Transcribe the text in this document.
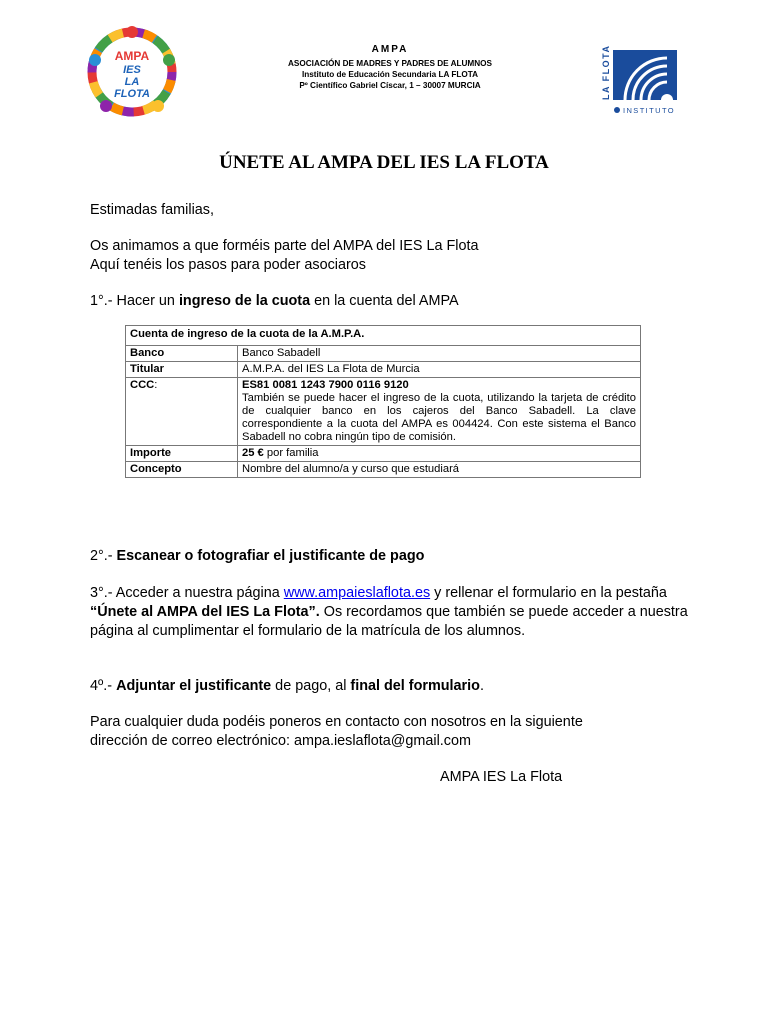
AMPA
IES
LA
FLOTA	LA FLOTA
INSTITUTO
AMPA
ASOCIACIÓN DE MADRES Y PADRES DE ALUMNOS
Instituto de Educación Secundaria LA FLOTA
Pº Científico Gabriel Císcar, 1 – 30007 MURCIA
ÚNETE AL AMPA DEL IES LA FLOTA
Estimadas familias,
Os animamos a que forméis parte del AMPA del IES La Flota
Aquí tenéis los pasos para poder asociaros
1°.- Hacer un ingreso de la cuota en la cuenta del AMPA
Cuenta de ingreso de la cuota de la A.M.P.A.	
Banco	Banco Sabadell
Titular	A.M.P.A. del IES La Flota de Murcia
CCC:	ES81 0081 1243 7900 0116 9120
También se puede hacer el ingreso de la cuota, utilizando la tarjeta de crédito de cualquier banco en los cajeros del Banco Sabadell. La clave correspondiente a la cuota del AMPA es 004424. Con este sistema el Banco Sabadell no cobra ningún tipo de comisión.

Importe	25 € por familia
Concepto	Nombre del alumno/a y curso que estudiará
2°.- Escanear o fotografiar el justificante de pago
3°.- Acceder a nuestra página www.ampaieslaflota.es y rellenar el formulario en la pestaña “Únete al AMPA del IES La Flota”. Os recordamos que también se puede acceder a nuestra página al cumplimentar el formulario de la matrícula de los alumnos.
4º.- Adjuntar el justificante de pago, al final del formulario.
Para cualquier duda podéis poneros en contacto con nosotros en la siguiente
dirección de correo electrónico: ampa.ieslaflota@gmail.com
AMPA IES La Flota
